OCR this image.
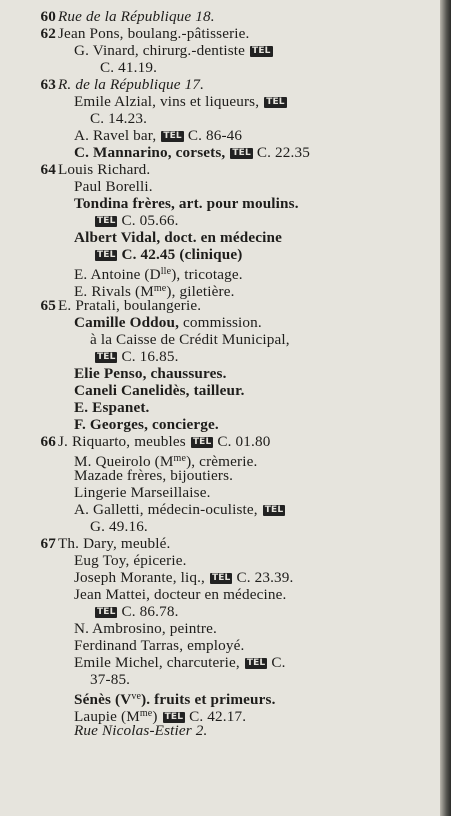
60 Rue de la République 18.
62 Jean Pons, boulang.-pâtisserie.
G. Vinard, chirurg.-dentiste TEL
C. 41.19.
63 R. de la République 17.
Emile Alzial, vins et liqueurs, TEL
C. 14.23.
A. Ravel bar, TEL C. 86-46
C. Mannarino, corsets, TEL C. 22.35
64 Louis Richard.
Paul Borelli.
Tondina frères, art. pour moulins.
TEL C. 05.66.
Albert Vidal, doct. en médecine
TEL C. 42.45 (clinique)
E. Antoine $(D^{lle})$, tricotage.
E. Rivals $(M^{me})$, giletière.
65 E. Pratali, boulangerie.
Camille Oddou, commission.
à la Caisse de Crédit Municipal,
TEL C. 16.85.
Elie Penso, chaussures.
Caneli Canelidès, tailleur.
E. Espanet.
F. Georges, concierge.
66 J. Riquarto, meubles TEL C. 01.80
M. Queirolo $(M^{me})$, crèmerie.
Mazade frères, bijoutiers.
Lingerie Marseillaise.
A. Galletti, médecin-oculiste, TEL
G. 49.16.
67 Th. Dary, meublé.
Eug Toy, épicerie.
Joseph Morante, liq., TEL C. 23.39.
Jean Mattei, docteur en médecine.
TEL C. 86.78.
N. Ambrosino, peintre.
Ferdinand Tarras, employé.
Emile Michel, charcuterie, TEL C.
37-85.
Sénès $(V^{ve})$. fruits et primeurs.
Laupie $(M^{me})$ TEL C. 42.17.
Rue Nicolas-Estier 2.
